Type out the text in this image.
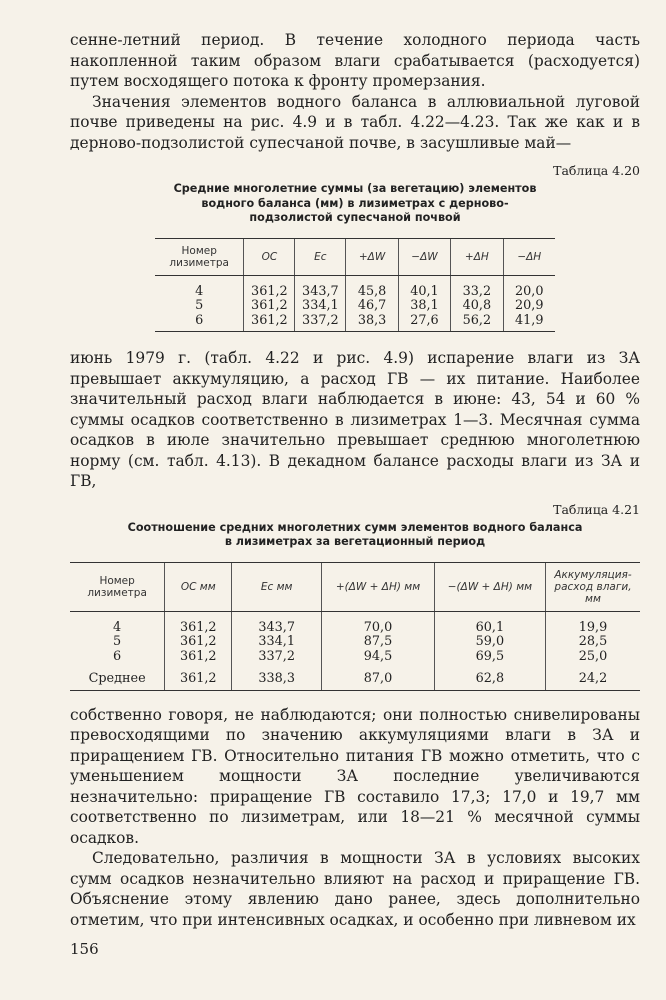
сенне-летний период. В течение холодного периода часть накопленной таким образом влаги срабатывается (расходуется) путем восходящего потока к фронту промерзания.

Значения элементов водного баланса в аллювиальной луговой почве приведены на рис. 4.9 и в табл. 4.22—4.23. Так же как и в дерново-подзолистой супесчаной почве, в засушливые май—

Таблица 4.20
Средние многолетние суммы (за вегетацию) элементов
водного баланса (мм) в лизиметрах с дерново-
подзолистой супесчаной почвой
Номер лизиметра	ОС	Eс	+ΔW	−ΔW	+ΔH	−ΔH
4	361,2	343,7	45,8	40,1	33,2	20,0
5	361,2	334,1	46,7	38,1	40,8	20,9
6	361,2	337,2	38,3	27,6	56,2	41,9

июнь 1979 г. (табл. 4.22 и рис. 4.9) испарение влаги из ЗА превышает аккумуляцию, а расход ГВ — их питание. Наиболее значительный расход влаги наблюдается в июне: 43, 54 и 60 % суммы осадков соответственно в лизиметрах 1—3. Месячная сумма осадков в июле значительно превышает среднюю многолетнюю норму (см. табл. 4.13). В декадном балансе расходы влаги из ЗА и ГВ,

Таблица 4.21
Соотношение средних многолетних сумм элементов водного баланса
в лизиметрах за вегетационный период
Номер лизиметра	ОС мм	Eс мм	+(ΔW + ΔH) мм	−(ΔW + ΔH) мм	Аккумуляция-расход влаги, мм
4	361,2	343,7	70,0	60,1	19,9
5	361,2	334,1	87,5	59,0	28,5
6	361,2	337,2	94,5	69,5	25,0
Среднее	361,2	338,3	87,0	62,8	24,2

собственно говоря, не наблюдаются; они полностью снивелированы превосходящими по значению аккумуляциями влаги в ЗА и приращением ГВ. Относительно питания ГВ можно отметить, что с уменьшением мощности ЗА последние увеличиваются незначительно: приращение ГВ составило 17,3; 17,0 и 19,7 мм соответственно по лизиметрам, или 18—21 % месячной суммы осадков.

Следовательно, различия в мощности ЗА в условиях высоких сумм осадков незначительно влияют на расход и приращение ГВ. Объяснение этому явлению дано ранее, здесь дополнительно отметим, что при интенсивных осадках, и особенно при ливневом их

156
